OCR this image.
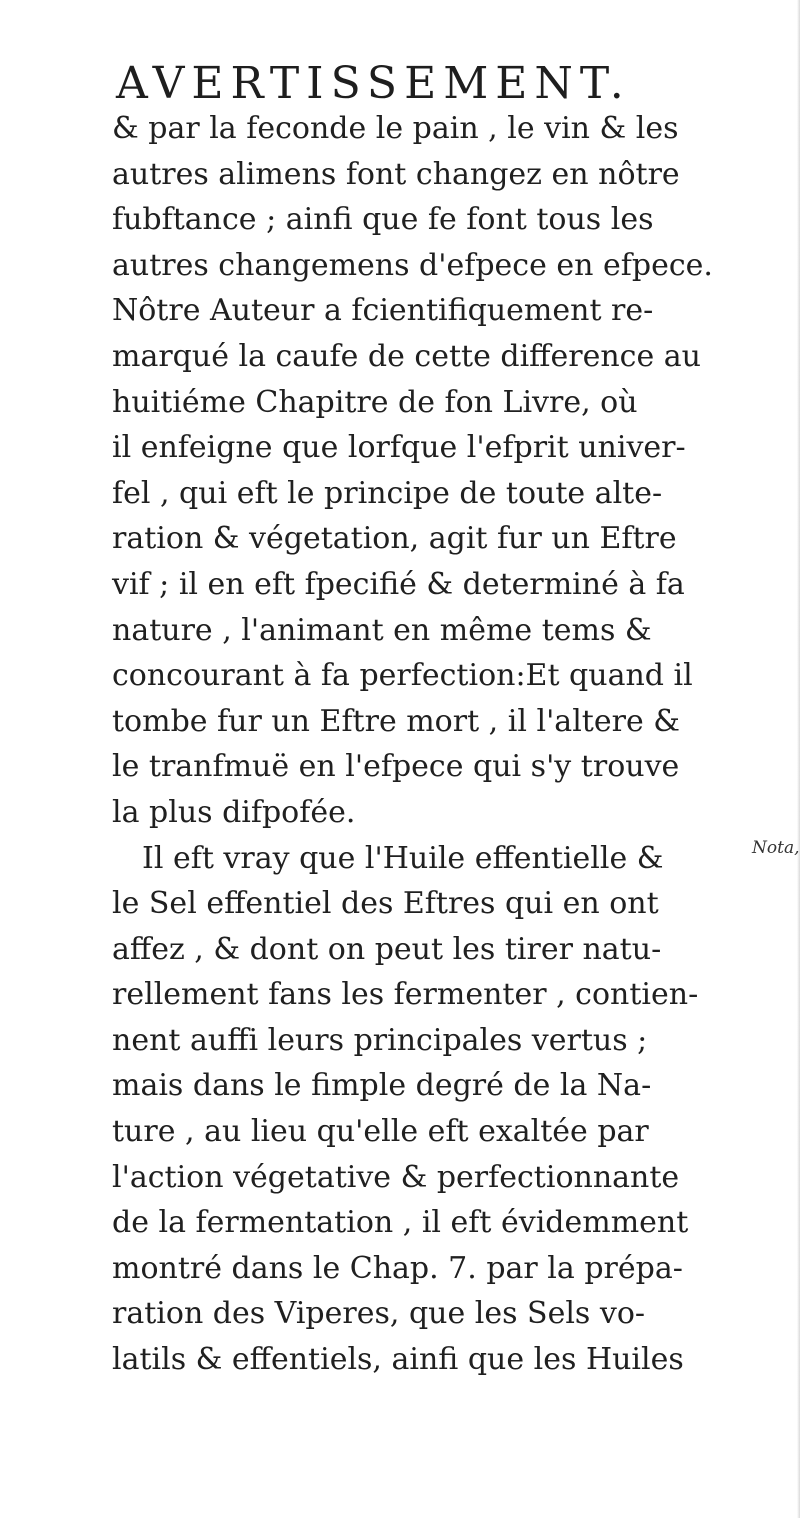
AVERTISSEMENT.
& par la feconde le pain , le vin & les
autres alimens font changez en nôtre
fubftance ; ainfi que fe font tous les
autres changemens d'efpece en efpece.
Nôtre Auteur a fcientifiquement re-
marqué la caufe de cette difference au
huitiéme Chapitre de fon Livre, où
il enfeigne que lorfque l'efprit univer-
fel , qui eft le principe de toute alte-
ration & végetation, agit fur un Eftre
vif ; il en eft fpecifié & determiné à fa
nature , l'animant en même tems &
concourant à fa perfection:Et quand il
tombe fur un Eftre mort , il l'altere &
le tranfmuë en l'efpece qui s'y trouve
la plus difpofée.
Il eft vray que l'Huile effentielle &
le Sel effentiel des Eftres qui en ont
affez , & dont on peut les tirer natu-
rellement fans les fermenter , contien-
nent auffi leurs principales vertus ;
mais dans le fimple degré de la Na-
ture , au lieu qu'elle eft exaltée par
l'action végetative & perfectionnante
de la fermentation , il eft évidemment
montré dans le Chap. 7. par la prépa-
ration des Viperes, que les Sels vo-
latils & effentiels, ainfi que les Huiles
Nota,
